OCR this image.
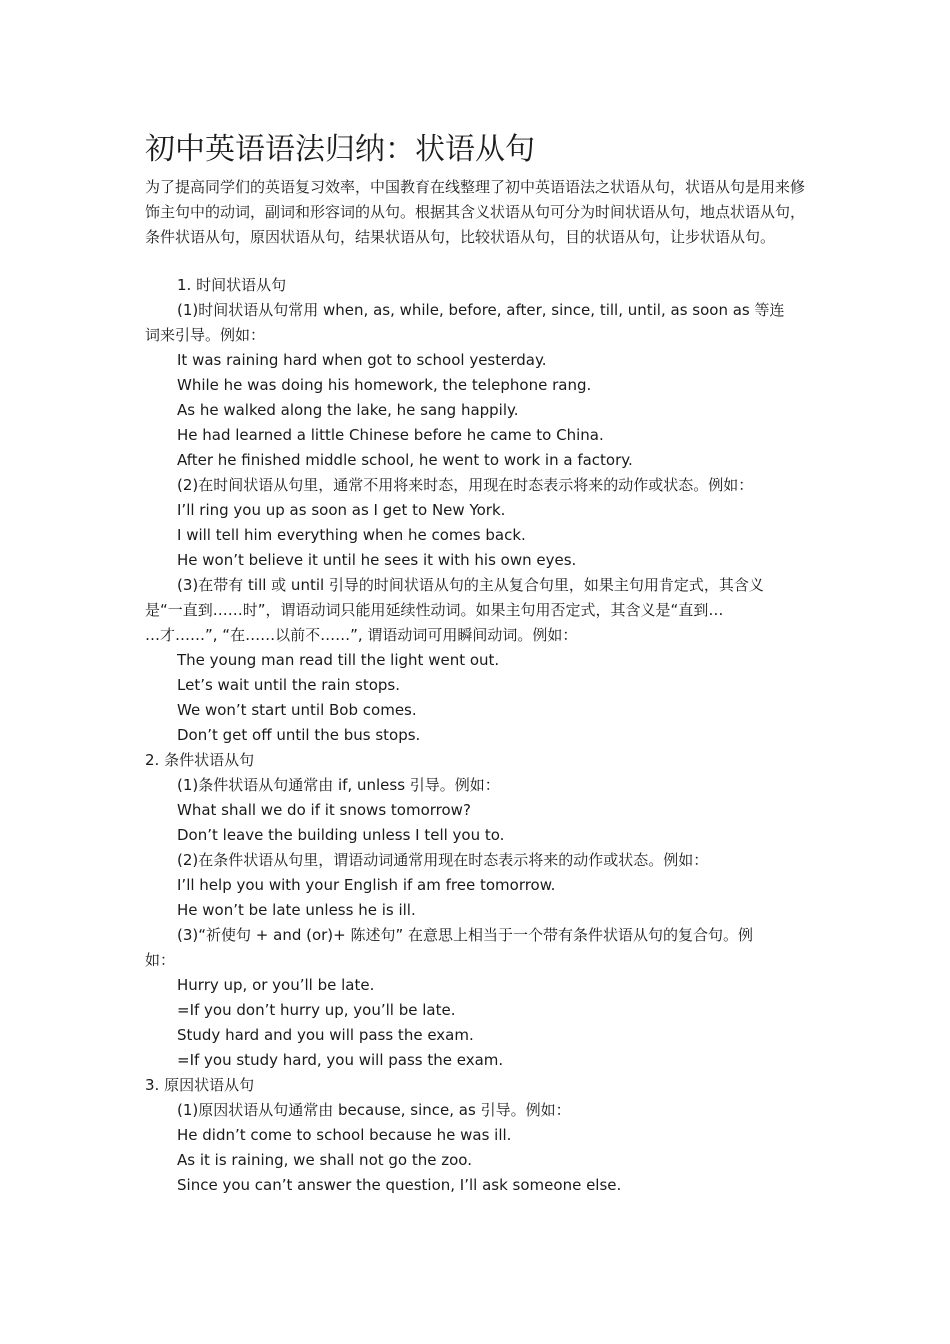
初中英语语法归纳：状语从句

为了提高同学们的英语复习效率，中国教育在线整理了初中英语语法之状语从句，状语从句是用来修饰主句中的动词，副词和形容词的从句。根据其含义状语从句可分为时间状语从句，地点状语从句，条件状语从句，原因状语从句，结果状语从句，比较状语从句，目的状语从句，让步状语从句。

1. 时间状语从句
(1)时间状语从句常用 when, as, while, before, after, since, till, until, as soon as 等连
词来引导。例如：
It was raining hard when got to school yesterday.
While he was doing his homework, the telephone rang.
As he walked along the lake, he sang happily.
He had learned a little Chinese before he came to China.
After he finished middle school, he went to work in a factory.
(2)在时间状语从句里，通常不用将来时态，用现在时态表示将来的动作或状态。例如：
I’ll ring you up as soon as I get to New York.
I will tell him everything when he comes back.
He won’t believe it until he sees it with his own eyes.
(3)在带有 till 或 until 引导的时间状语从句的主从复合句里，如果主句用肯定式，其含义
是“一直到……时”，谓语动词只能用延续性动词。如果主句用否定式，其含义是“直到…
…才……”, “在……以前不……”, 谓语动词可用瞬间动词。例如：
The young man read till the light went out.
Let’s wait until the rain stops.
We won’t start until Bob comes.
Don’t get off until the bus stops.
2. 条件状语从句
(1)条件状语从句通常由 if, unless 引导。例如：
What shall we do if it snows tomorrow?
Don’t leave the building unless I tell you to.
(2)在条件状语从句里，谓语动词通常用现在时态表示将来的动作或状态。例如：
I’ll help you with your English if am free tomorrow.
He won’t be late unless he is ill.
(3)“祈使句 + and (or)+ 陈述句” 在意思上相当于一个带有条件状语从句的复合句。例
如：
Hurry up, or you’ll be late.
=If you don’t hurry up, you’ll be late.
Study hard and you will pass the exam.
=If you study hard, you will pass the exam.
3. 原因状语从句
(1)原因状语从句通常由 because, since, as 引导。例如：
He didn’t come to school because he was ill.
As it is raining, we shall not go the zoo.
Since you can’t answer the question, I’ll ask someone else.
